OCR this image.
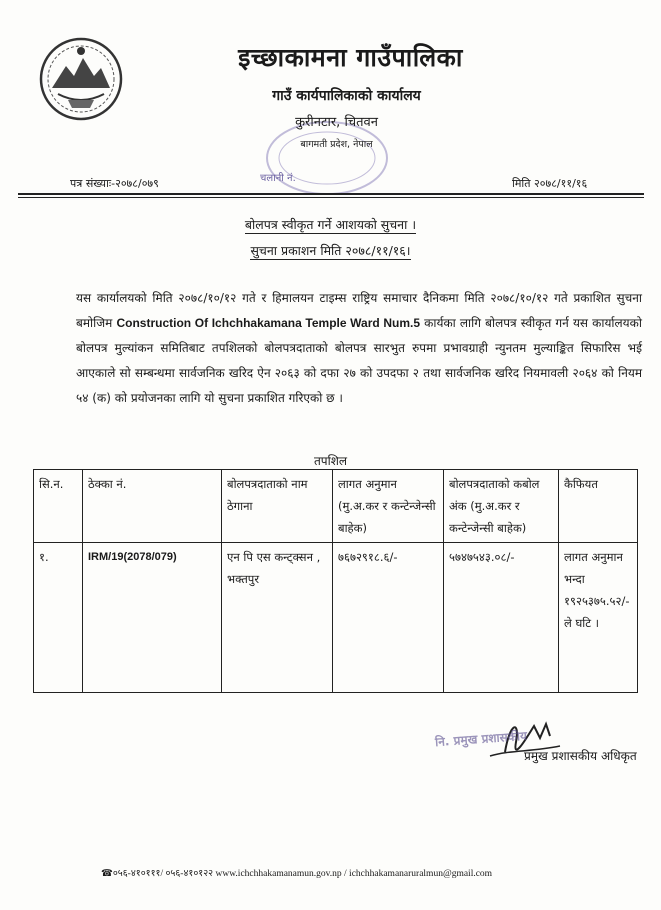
इच्छाकामना गाउँपालिका
गाउँ कार्यपालिकाको कार्यालय
कुरीनटार, चितवन
बागमती प्रदेश, नेपाल
चलानी नं.
पत्र संख्याः-२०७८/०७९	मिति २०७८/११/१६
बोलपत्र स्वीकृत गर्ने आशयको सुचना ।
सुचना प्रकाशन मिति २०७८/११/१६।
यस कार्यालयको मिति २०७८/१०/१२ गते र हिमालयन टाइम्स राष्ट्रिय समाचार दैनिकमा मिति २०७८/१०/१२ गते प्रकाशित सुचना बमोजिम Construction Of Ichchhakamana Temple Ward Num.5 कार्यका लागि बोलपत्र स्वीकृत गर्न यस कार्यालयको बोलपत्र मुल्यांकन समितिबाट तपशिलको बोलपत्रदाताको बोलपत्र सारभुत रुपमा प्रभावग्राही न्युनतम मुल्याङ्कित सिफारिस भई आएकाले सो सम्बन्धमा सार्वजनिक खरिद ऐन २०६३ को दफा २७ को उपदफा २ तथा सार्वजनिक खरिद नियमावली २०६४ को नियम ५४ (क) को प्रयोजनका लागि यो सुचना प्रकाशित गरिएको छ ।
तपशिल
सि.न.	ठेक्का नं.	बोलपत्रदाताको नाम ठेगाना	लागत अनुमान (मु.अ.कर र कन्टेन्जेन्सी बाहेक)	बोलपत्रदाताको कबोल अंक (मु.अ.कर र कन्टेन्जेन्सी बाहेक)	कैफियत
१.	IRM/19(2078/079)	एन पि एस कन्ट्क्सन , भक्तपुर	७६७२९१८.६/-	५७४७५४३.०८/-	लागत अनुमान भन्दा १९२५३७५.५२/- ले घटि ।
नि. प्रमुख प्रशासकीय
प्रमुख प्रशासकीय अधिकृत
☎०५६-४१०१११/ ०५६-४१०१२२ www.ichchhakamanamun.gov.np / ichchhakamanaruralmun@gmail.com
